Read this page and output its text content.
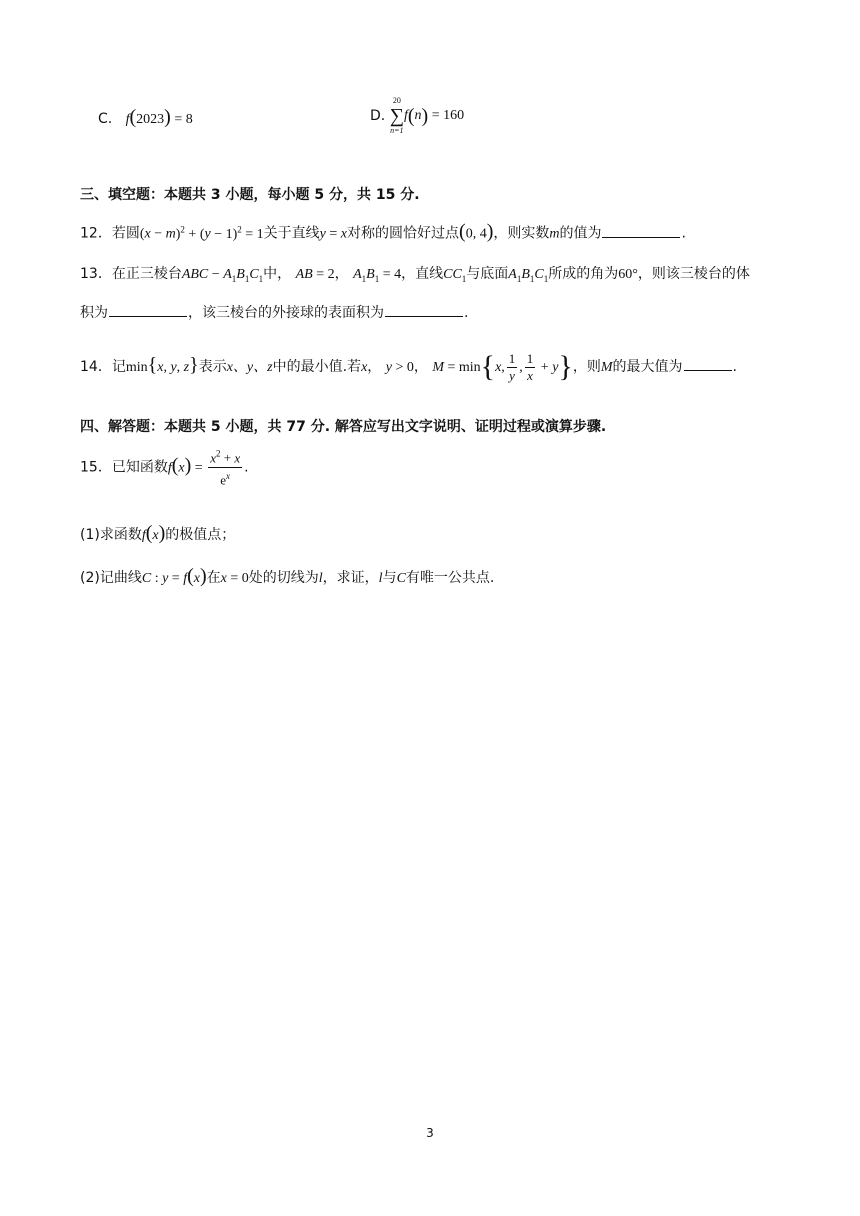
C. f(2023) = 8	D.
20
∑
n=1
f(n) = 160
三、填空题：本题共 3 小题，每小题 5 分，共 15 分.
12．若圆$(x - m)^2 + (y - 1)^2 = 1$关于直线y = x对称的圆恰好过点(0, 4)，则实数m的值为	.
13．在正三棱台ABC − $A_1B_1C_1$中， AB = 2， $A_1B_1 = 4$，直线$CC_1$与底面$A_1B_1C_1$所成的角为60°，则该三棱台的体
积为	，该三棱台的外接球的表面积为	.
14．记min{x, y, z}表示x、y、z中的最小值.若x， y > 0， M = min{x, $\frac{1}{y}$ , $\frac{1}{x} + y$}，则M的最大值为	.
四、解答题：本题共 5 小题，共 77 分. 解答应写出文字说明、证明过程或演算步骤.
15．已知函数$f(x) = \frac{x^2 + x}{e^x}$ .
(1)求函数f(x)的极值点；
(2)记曲线C : y = f(x)在x = 0处的切线为l，求证，l与C有唯一公共点.
3
